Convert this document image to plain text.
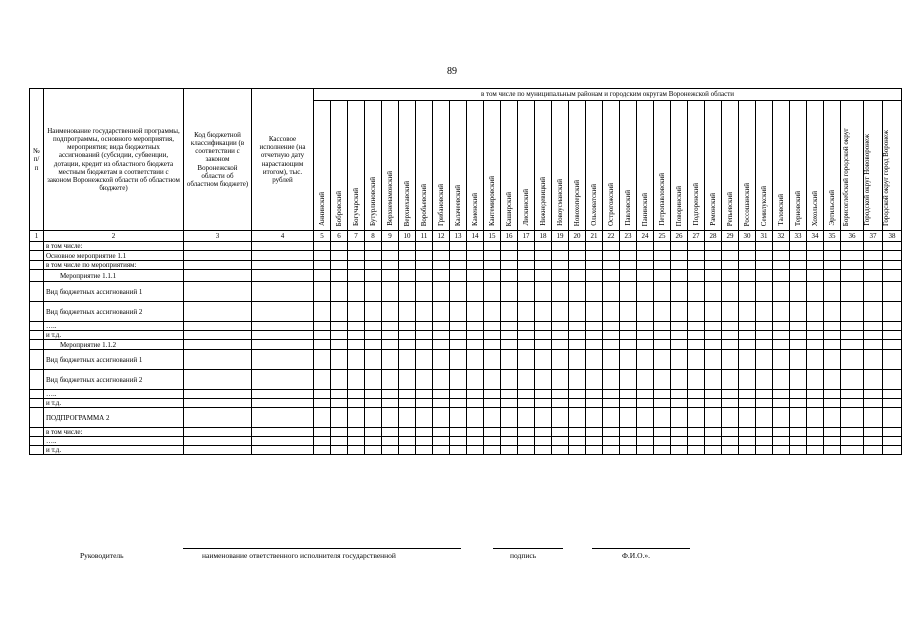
89
№ п/п	Наименование государственной программы, подпрограммы, основного мероприятия, мероприятия; вида бюджетных ассигнований (субсидии, субвенции, дотации, кредит из областного бюджета местным бюджетам в соответствии с законом Воронежской области об областном бюджете)	Код бюджетной классификации (в соответствии с законом Воронежской области об областном бюджете)	Кассовое исполнение (на отчетную дату нарастающим итогом), тыс. рублей	в том числе по муниципальным районам и городским округам Воронежской области																																	
				Аннинский	Бобровский	Богучарский	Бутурлиновский	Верхнемамонский	Верхнехавский	Воробьевский	Грибановский	Калачеевский	Каменский	Кантемировский	Каширский	Лискинский	Нижнедевицкий	Новоусманский	Новохоперский	Ольховатский	Острогожский	Павловский	Панинский	Петропавловский	Поворинский	Подгоренский	Рамонский	Репьевский	Россошанский	Семилукский	Таловский	Терновский	Хохольский	Эртильский	Борисоглебский городской округ	Городской округ Нововоронеж	Городской округ город Воронеж
1	2	3	4	5	6	7	8	9	10	11	12	13	14	15	16	17	18	19	20	21	22	23	24	25	26	27	28	29	30	31	32	33	34	35	36	37	38
	в том числе:																																				
	Основное мероприятие 1.1																																				
	в том числе по мероприятиям:																																				
	Мероприятие 1.1.1																																				
	Вид бюджетных ассигнований 1																																				
	Вид бюджетных ассигнований 2																																				
	…..																																				
	и т.д.																																				
	Мероприятие 1.1.2																																				
	Вид бюджетных ассигнований 1																																				
	Вид бюджетных ассигнований 2																																				
	…..																																				
	и т.д.																																				
	ПОДПРОГРАММА 2																																				
	в том числе:																																				
	…..																																				
	и т.д.																																				
Руководитель	наименование ответственного исполнителя государственной	подпись	Ф.И.О.».
